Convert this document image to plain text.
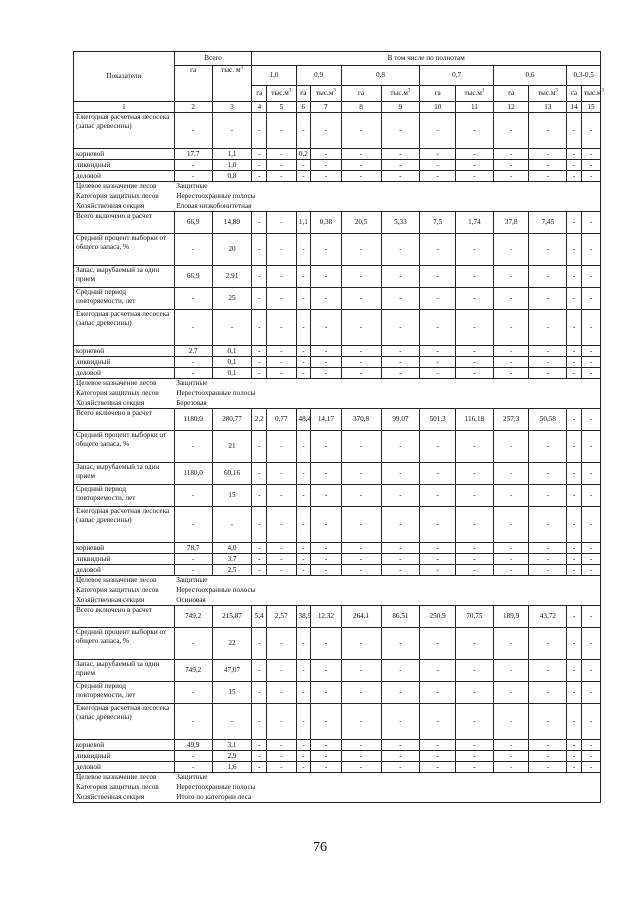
Показатели	Всего		В том числе по полнотам											
	га	тыс. $м^3$	1,0		0,9		0,8		0,7		0,6		0,3-0,5	
			га	$тыс.м^3$	га	$тыс.м^3$	га	$тыс.м^3$	га	$тыс.м^3$	га	$тыс.м^3$	га	$тыс.м^3$
1	2	3	4	5	6	7	8	9	10	11	12	13	14	15
Ежегодная расчетная лесосека (запас древесины)	-	-	-	-	-	-	-	-	-	-	-	-	-	-
корневой	17,7	1,1	-	-	0,2	-	-	-	-	-	-	-	-	-
ликвидный	-	1,0	-	-	-	-	-	-	-	-	-	-	-	-
деловой	-	0,8	-	-	-	-	-	-	-	-	-	-	-	-
Целевое назначение лесов	Защитные													
Категория защитных лесов	Нерестоохранные полосы													
Хозяйственная секция	Еловая низкобонитетная													
Всего включено в расчет	66,9	14,89	-	-	1,1	0,38	20,5	5,33	7,5	1,74	37,8	7,45	-	-
Средний процент выборки от общего запаса, %	-	20	-	-	-	-	-	-	-	-	-	-	-	-
Запас, вырубаемый за один прием	66,9	2,91	-	-	-	-	-	-	-	-	-	-	-	-
Средний период повторяемости, лет	-	25	-	-	-	-	-	-	-	-	-	-	-	-
Ежегодная расчетная лесосека (запас древесины)	-	-	-	-	-	-	-	-	-	-	-	-	-	-
корневой	2,7	0,1	-	-	-	-	-	-	-	-	-	-	-	-
ликвидный	-	0,1	-	-	-	-	-	-	-	-	-	-	-	-
деловой	-	0,1	-	-	-	-	-	-	-	-	-	-	-	-
Целевое назначение лесов	Защитные													
Категория защитных лесов	Нерестоохранные полосы													
Хозяйственная секция	Березовая													
Всего включено в расчет	1180,0	280,77	2,2	0,77	48,4	14,17	370,8	99,07	501,3	116,18	257,3	50,58	-	-
Средний процент выборки от общего запаса, %	-	21	-	-	-	-	-	-	-	-	-	-	-	-
Запас, вырубаемый за один прием	1180,0	60,16	-	-	-	-	-	-	-	-	-	-	-	-
Средний период повторяемости, лет	-	15	-	-	-	-	-	-	-	-	-	-	-	-
Ежегодная расчетная лесосека (запас древесины)	-	-	-	-	-	-	-	-	-	-	-	-	-	-
корневой	78,7	4,0	-	-	-	-	-	-	-	-	-	-	-	-
ликвидный	-	3,7	-	-	-	-	-	-	-	-	-	-	-	-
деловой	-	2,5	-	-	-	-	-	-	-	-	-	-	-	-
Целевое назначение лесов	Защитные													
Категория защитных лесов	Нерестоохранные полосы													
Хозяйственная секция	Осиновая													
Всего включено в расчет	749,2	215,87	5,4	2,57	38,9	12,32	264,1	86,51	250,9	70,75	189,9	43,72	-	-
Средний процент выборки от общего запаса, %	-	22	-	-	-	-	-	-	-	-	-	-	-	-
Запас, вырубаемый за один прием	749,2	47,07	-	-	-	-	-	-	-	-	-	-	-	-
Средний период повторяемости, лет	-	15	-	-	-	-	-	-	-	-	-	-	-	-
Ежегодная расчетная лесосека (запас древесины)	-	-	-	-	-	-	-	-	-	-	-	-	-	-
корневой	49,9	3,1	-	-	-	-	-	-	-	-	-	-	-	-
ликвидный	-	2,9	-	-	-	-	-	-	-	-	-	-	-	-
деловой	-	1,6	-	-	-	-	-	-	-	-	-	-	-	-
Целевое назначение лесов	Защитные													
Категория защитных лесов	Нерестоохранные полосы													
Хозяйственная секция	Итого по категории леса													
76
